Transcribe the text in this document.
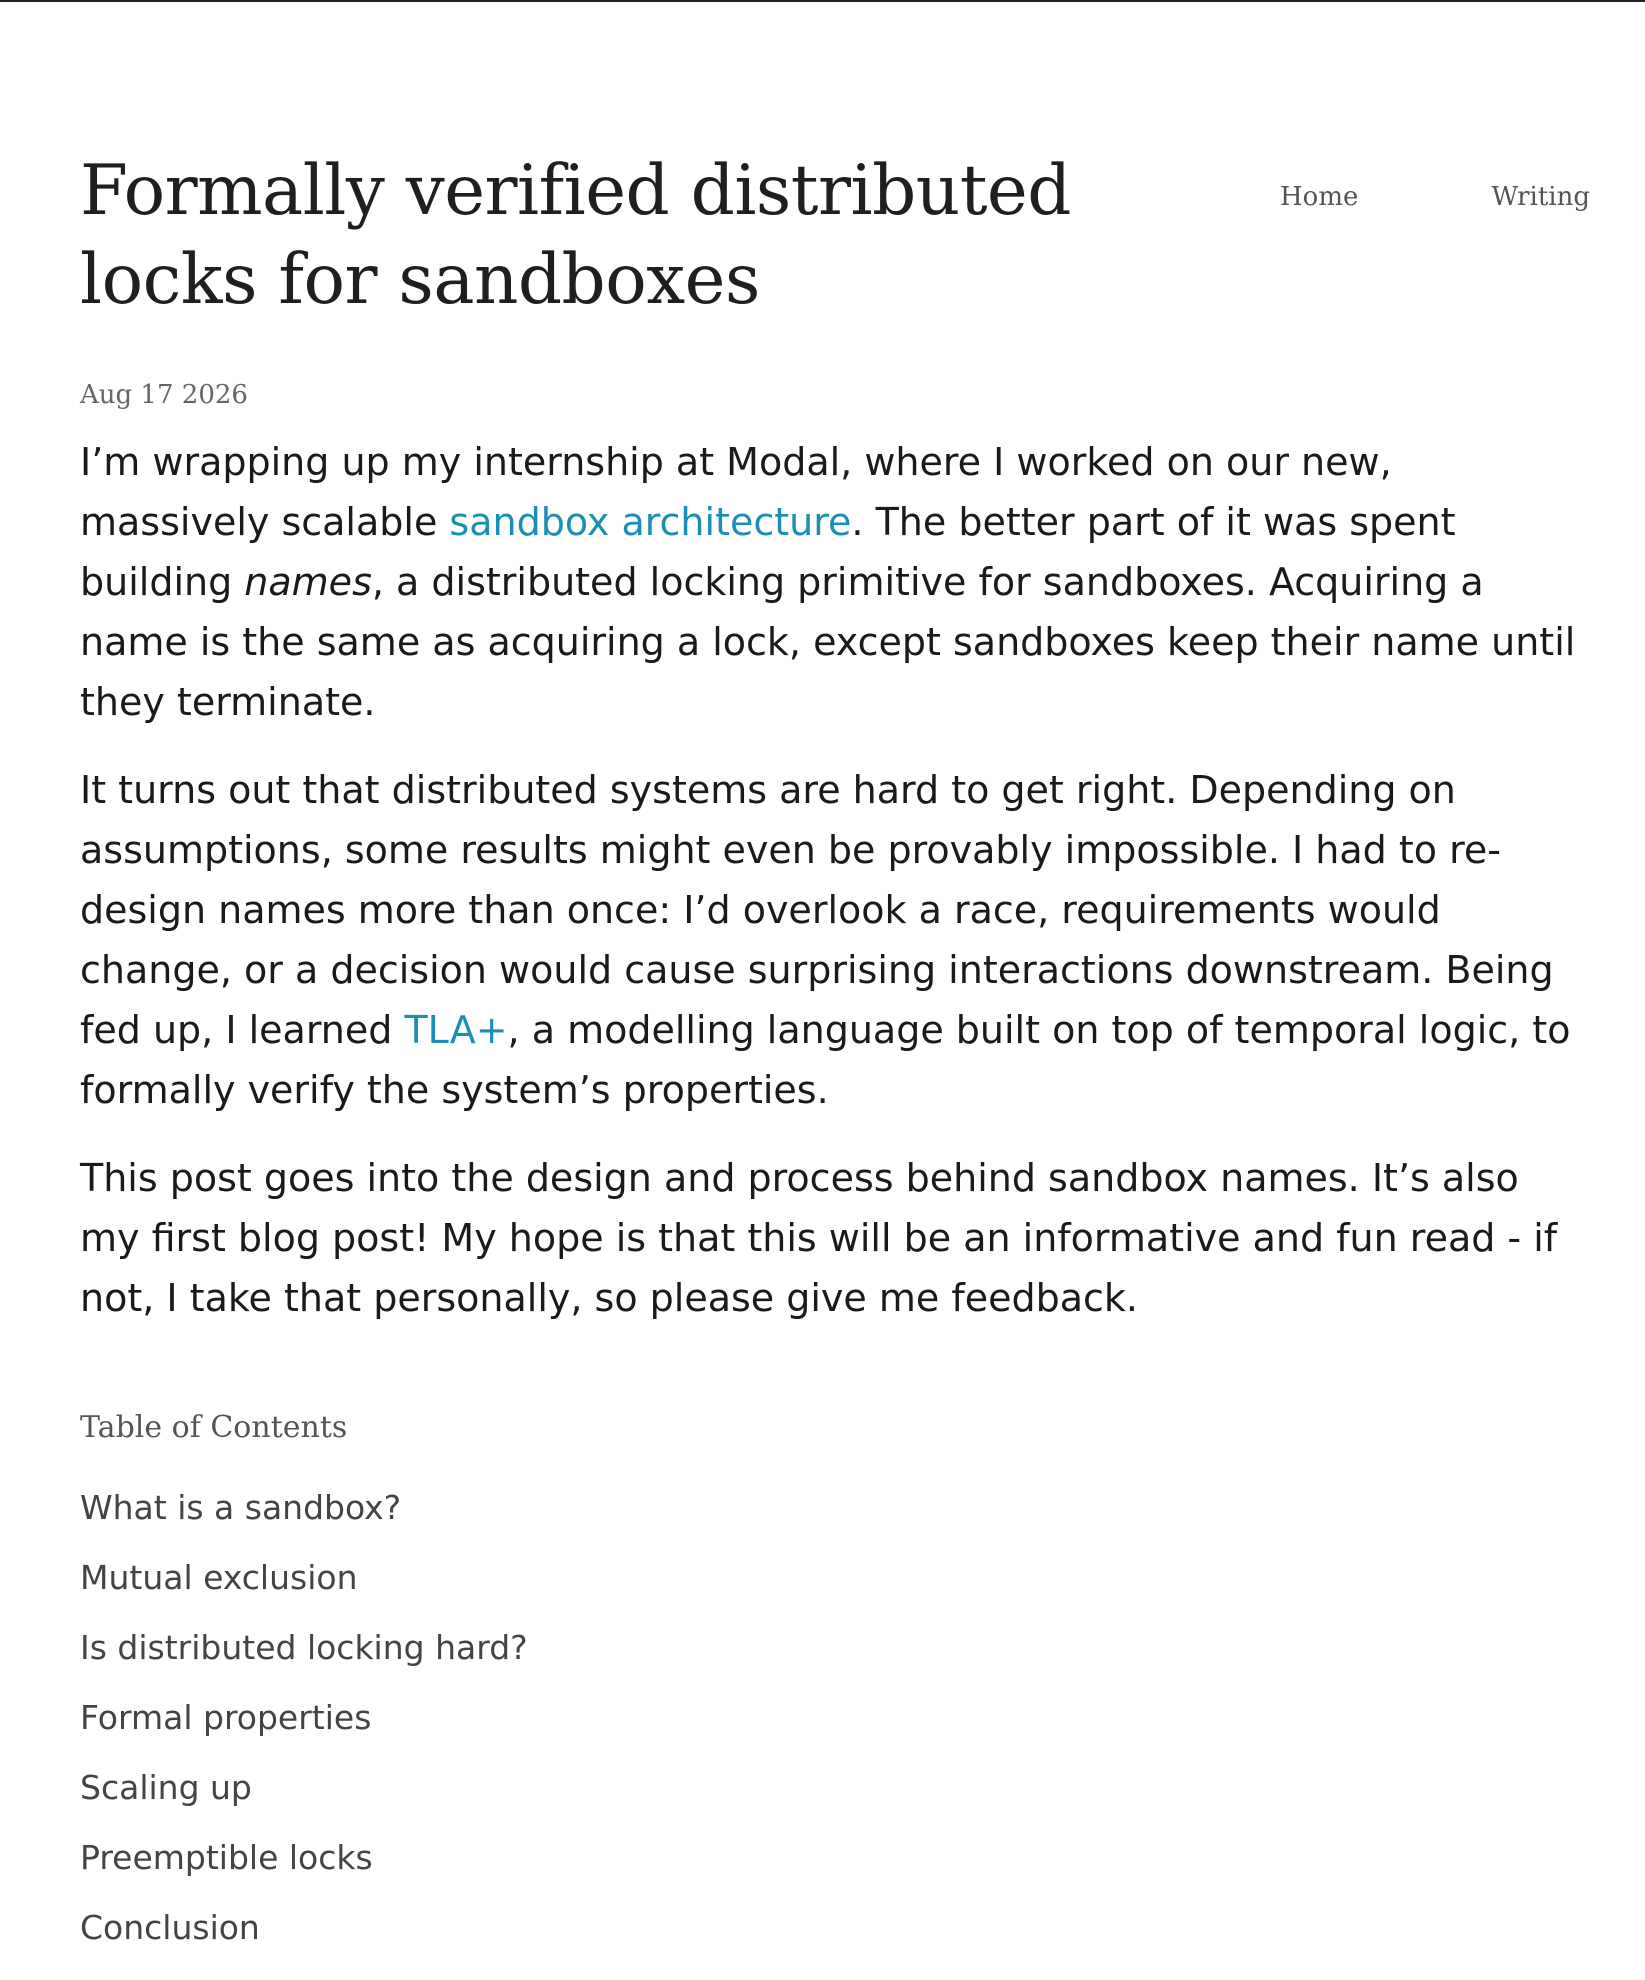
Formally verified distributed locks for sandboxes
Home	Writing
Aug 17 2026

I’m wrapping up my internship at Modal, where I worked on our new, massively scalable sandbox architecture. The better part of it was spent building names, a distributed locking primitive for sandboxes. Acquiring a name is the same as acquiring a lock, except sandboxes keep their name until they terminate.

It turns out that distributed systems are hard to get right. Depending on assumptions, some results might even be provably impossible. I had to re-design names more than once: I’d overlook a race, requirements would change, or a decision would cause surprising interactions downstream. Being fed up, I learned TLA+, a modelling language built on top of temporal logic, to formally verify the system’s properties.

This post goes into the design and process behind sandbox names. It’s also my first blog post! My hope is that this will be an informative and fun read - if not, I take that personally, so please give me feedback.

Table of Contents
What is a sandbox?
Mutual exclusion
Is distributed locking hard?
Formal properties
Scaling up
Preemptible locks
Conclusion
